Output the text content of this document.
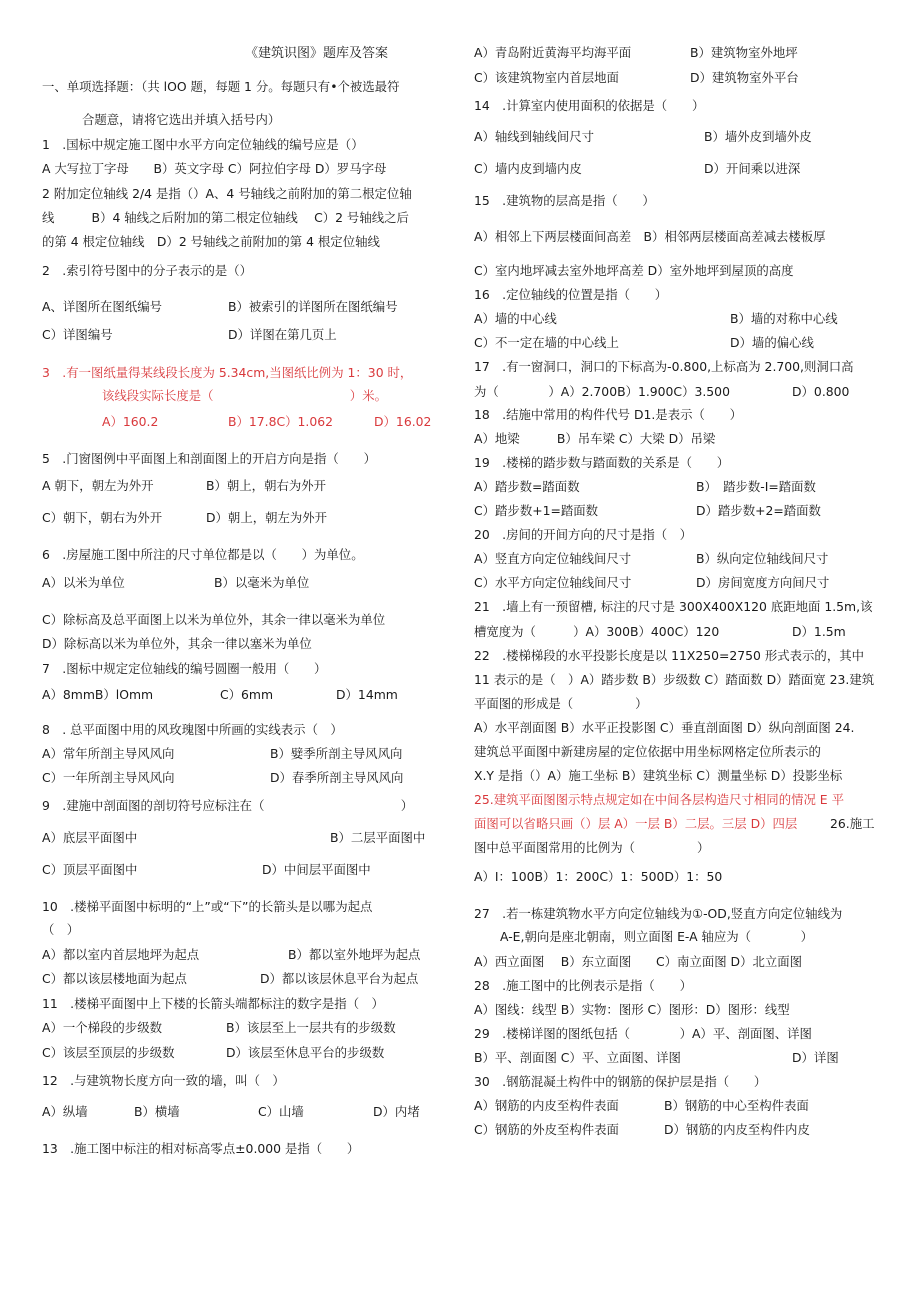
《建筑识图》题库及答案
一、单项选择题：（共 lOO 题，每题 1 分。每题只有•个被选最符
合题意，请将它选出并填入括号内）
1　.国标中规定施工图中水平方向定位轴线的编号应是（）
A 大写拉丁字母　　B）英文字母 C）阿拉伯字母 D）罗马字母
2 附加定位轴线 2/4 是指（）A、4 号轴线之前附加的第二根定位轴
线　　　B）4 轴线之后附加的第二根定位轴线　 C）2 号轴线之后
的第 4 根定位轴线　D）2 号轴线之前附加的第 4 根定位轴线
2　.索引符号图中的分子表示的是（）
A、详图所在图纸编号	B）被索引的详图所在图纸编号
C）详图编号	D）详图在第几页上
3　.有一图纸量得某线段长度为 5.34cm,当图纸比例为 1：30 时，
该线段实际长度是（　　　　　　　　　　　）米。
A）160.2	B）17.8C）1.062	D）16.02
5　.门窗图例中平面图上和剖面图上的开启方向是指（　　）
A 朝下，朝左为外开	B）朝上，朝右为外开
C）朝下，朝右为外开	D）朝上，朝左为外开
6　.房屋施工图中所注的尺寸单位都是以（　　）为单位。
A）以米为单位	B）以毫米为单位
C）除标高及总平面图上以米为单位外，其余一律以毫米为单位
D）除标高以米为单位外，其余一律以塞米为单位
7　.图标中规定定位轴线的编号圆圈一般用（　　）
A）8mmB）lOmm	C）6mm	D）14mm
8　. 总平面图中用的风玫瑰图中所画的实线表示（　）
A）常年所剖主导风风向	B）嬖季所剖主导风风向
C）一年所剖主导风风向	D）春季所剖主导风风向
9　.建施中剖面图的剖切符号应标注在（　　　　　　　　　　　）
A）底层平面图中	B）二层平面图中
C）顶层平面图中	D）中间层平面图中
10　.楼梯平面图中标明的“上”或“下”的长箭头是以哪为起点
（　）
A）都以室内首层地坪为起点	B）都以室外地坪为起点
C）都以该层楼地面为起点	D）都以该层休息平台为起点
11　.楼梯平面图中上下楼的长箭头端都标注的数字是指（　）
A）一个梯段的步级数	B）该层至上一层共有的步级数
C）该层至顶层的步级数	D）该层至休息平台的步级数
12　.与建筑物长度方向一致的墙，叫（　）
A）纵墙	B）横墙	C）山墙	D）内堵
13　.施工图中标注的相对标高零点±0.000 是指（　　）
A）青岛附近黄海平均海平面	B）建筑物室外地坪
C）该建筑物室内首层地面	D）建筑物室外平台
14　.计算室内使用面积的依据是（　　）
A）轴线到轴线间尺寸	B）墙外皮到墙外皮
C）墙内皮到墙内皮	D）开间乘以进深
15　.建筑物的层高是指（　　）
A）相邻上下两层楼面间高差　B）相邻两层楼面高差减去楼板厚
C）室内地坪减去室外地坪高差 D）室外地坪到屋顶的高度
16　.定位轴线的位置是指（　　）
A）墙的中心线	B）墙的对称中心线
C）不一定在墙的中心线上	D）墙的偏心线
17　.有一窗洞口，洞口的下标高为-0.800,上标高为 2.700,则洞口高
为（　　　　）A）2.700B）1.900C）3.500	D）0.800
18　.结施中常用的构件代号 D1.是表示（　　）
A）地梁　　　B）吊车梁 C）大梁 D）吊梁
19　.楼梯的踏步数与踏面数的关系是（　　）
A）踏步数=踏面数	B）　踏步数-I=踏面数
C）踏步数+1=踏面数	D）踏步数+2=踏面数
20　.房间的开间方向的尺寸是指（　）
A）竖直方向定位轴线间尺寸	B）纵向定位轴线间尺寸
C）水平方向定位轴线间尺寸	D）房间宽度方向间尺寸
21　.墙上有一预留槽, 标注的尺寸是 300X400X120 底距地面 1.5m,该
槽宽度为（　　　）A）300B）400C）120	D）1.5m
22　.楼梯梯段的水平投影长度是以 11X250=2750 形式表示的，其中
11 表示的是（　）A）踏步数 B）步级数 C）踏面数 D）踏面宽 23.建筑
平面图的形成是（　　　　　）
A）水平剖面图 B）水平正投影图 C）垂直剖面图 D）纵向剖面图 24.
建筑总平面图中新建房屋的定位依据中用坐标网格定位所表示的
X.Y 是指（）A）施工坐标 B）建筑坐标 C）测量坐标 D）投影坐标
25.建筑平面图图示特点规定如在中间各层构造尺寸相同的情况 E 平
面图可以省略只画（）层 A）一层 B）二层。三层 D）四层	26.施工
图中总平面图常用的比例为（　　　　　）
A）I：100B）1：200C）1：500D）1：50
27　.若一栋建筑物水平方向定位轴线为①-OD,竖直方向定位轴线为
A-E,朝向是座北朝南，则立面图 E-A 轴应为（　　　　）
A）西立面图　 B）东立面图　　C）南立面图 D）北立面图
28　.施工图中的比例表示是指（　　）
A）图线：线型 B）实物：图形 C）图形：D）图形：线型
29　.楼梯详图的图纸包括（　　　　）A）平、剖面图、详图
B）平、剖面图 C）平、立面图、详图	D）详图
30　.钢筋混凝土构件中的钢筋的保护层是指（　　）
A）钢筋的内皮至构件表面	B）钢筋的中心至构件表面
C）钢筋的外皮至构件表面	D）钢筋的内皮至构件内皮
